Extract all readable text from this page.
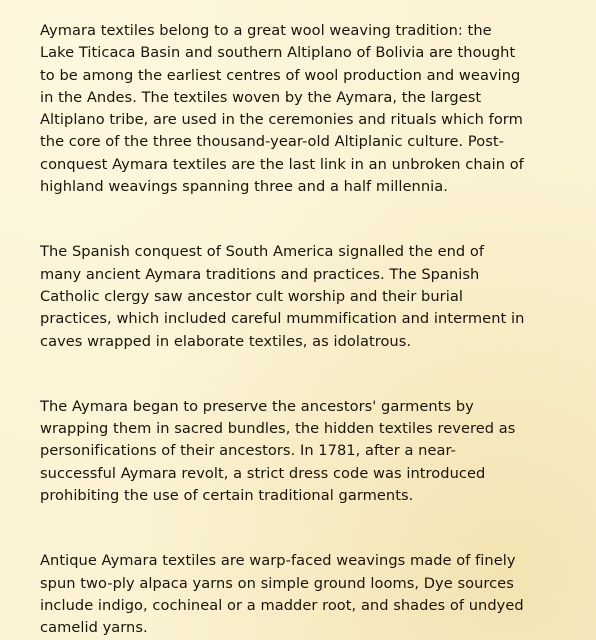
Aymara textiles belong to a great wool weaving tradition: the
Lake Titicaca Basin and southern Altiplano of Bolivia are thought
to be among the earliest centres of wool production and weaving
in the Andes. The textiles woven by the Aymara, the largest
Altiplano tribe, are used in the ceremonies and rituals which form
the core of the three thousand-year-old Altiplanic culture. Post-
conquest Aymara textiles are the last link in an unbroken chain of
highland weavings spanning three and a half millennia.

The Spanish conquest of South America signalled the end of
many ancient Aymara traditions and practices. The Spanish
Catholic clergy saw ancestor cult worship and their burial
practices, which included careful mummification and interment in
caves wrapped in elaborate textiles, as idolatrous.

The Aymara began to preserve the ancestors' garments by
wrapping them in sacred bundles, the hidden textiles revered as
personifications of their ancestors. In 1781, after a near-
successful Aymara revolt, a strict dress code was introduced
prohibiting the use of certain traditional garments.

Antique Aymara textiles are warp-faced weavings made of finely
spun two-ply alpaca yarns on simple ground looms, Dye sources
include indigo, cochineal or a madder root, and shades of undyed
camelid yarns.
